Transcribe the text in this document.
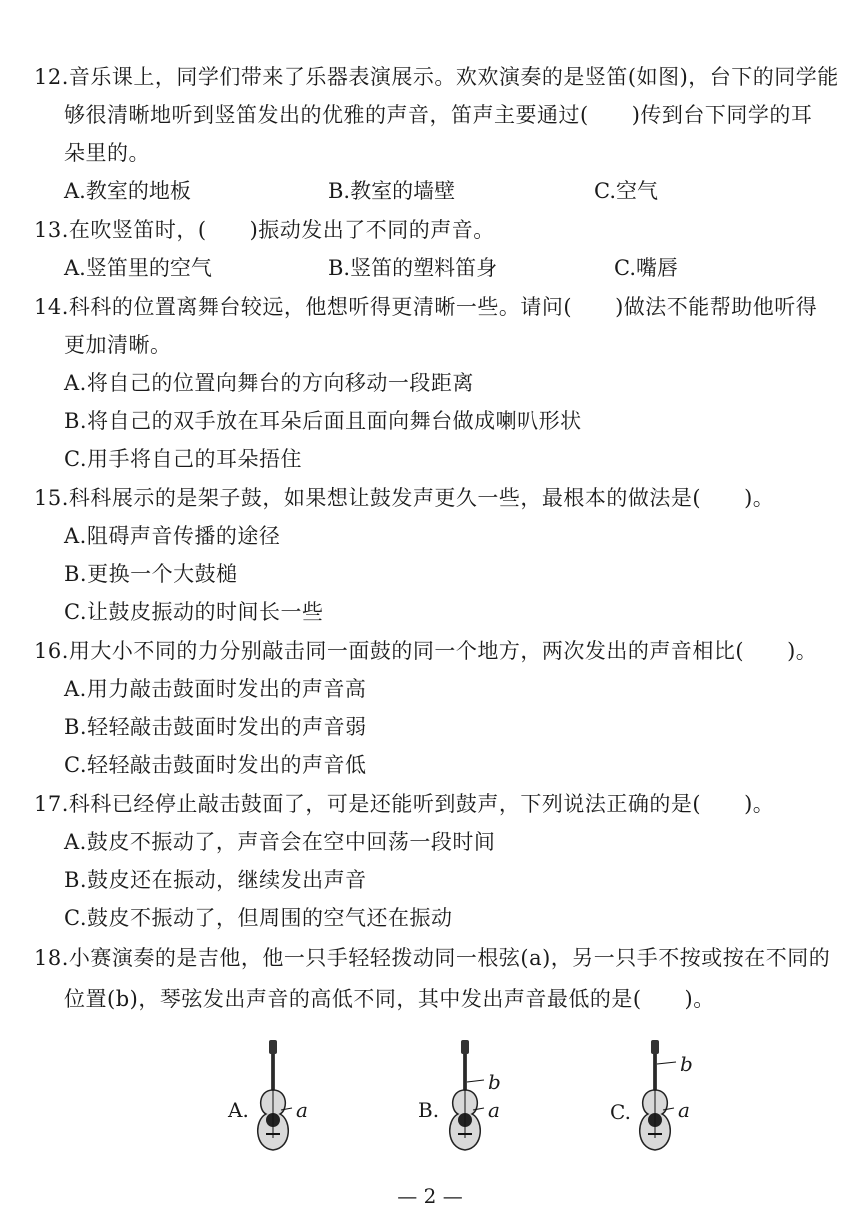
12.音乐课上，同学们带来了乐器表演展示。欢欢演奏的是竖笛(如图)，台下的同学能
够很清晰地听到竖笛发出的优雅的声音，笛声主要通过(　　)传到台下同学的耳
朵里的。
A.教室的地板	B.教室的墙壁	C.空气
13.在吹竖笛时，(　　)振动发出了不同的声音。
A.竖笛里的空气	B.竖笛的塑料笛身	C.嘴唇
14.科科的位置离舞台较远，他想听得更清晰一些。请问(　　)做法不能帮助他听得
更加清晰。
A.将自己的位置向舞台的方向移动一段距离
B.将自己的双手放在耳朵后面且面向舞台做成喇叭形状
C.用手将自己的耳朵捂住
15.科科展示的是架子鼓，如果想让鼓发声更久一些，最根本的做法是(　　)。
A.阻碍声音传播的途径
B.更换一个大鼓槌
C.让鼓皮振动的时间长一些
16.用大小不同的力分别敲击同一面鼓的同一个地方，两次发出的声音相比(　　)。
A.用力敲击鼓面时发出的声音高
B.轻轻敲击鼓面时发出的声音弱
C.轻轻敲击鼓面时发出的声音低
17.科科已经停止敲击鼓面了，可是还能听到鼓声，下列说法正确的是(　　)。
A.鼓皮不振动了，声音会在空中回荡一段时间
B.鼓皮还在振动，继续发出声音
C.鼓皮不振动了，但周围的空气还在振动
18.小赛演奏的是吉他，他一只手轻轻拨动同一根弦(a)，另一只手不按或按在不同的
位置(b)，琴弦发出声音的高低不同，其中发出声音最低的是(　　)。
A. a	B.
b
a	C.
b
a
— 2 —
